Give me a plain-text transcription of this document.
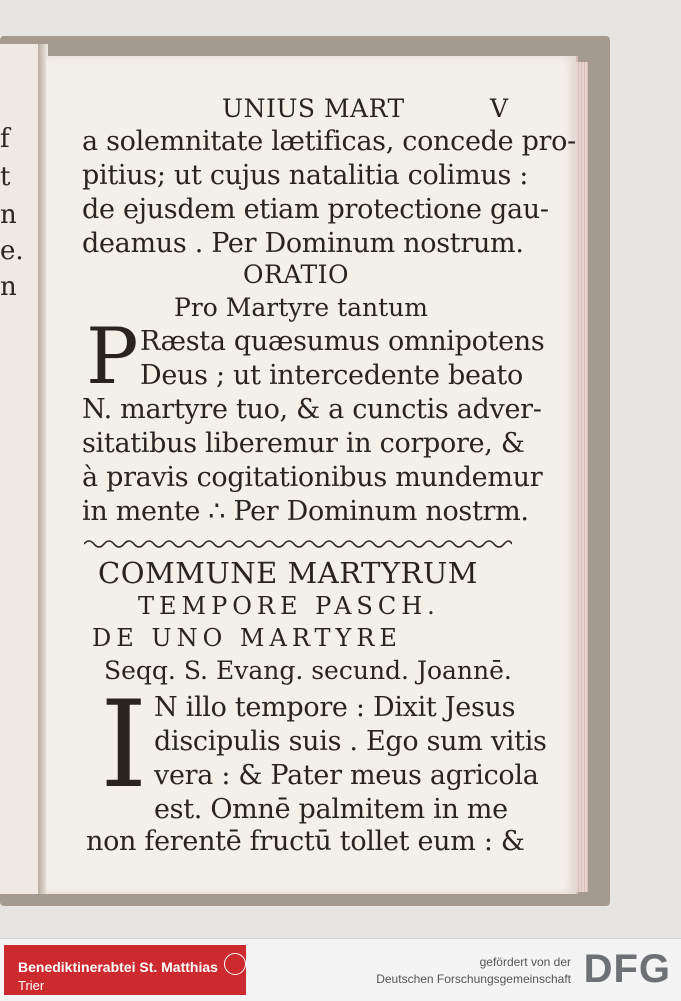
f
t
n
e.
n
UNIUS MART	V
a solemnitate lætificas, concede pro-
pitius; ut cujus natalitia colimus :
de ejusdem etiam protectione gau-
deamus . Per Dominum nostrum.
ORATIO
Pro Martyre tantum
P Ræsta quæsumus omnipotens
Deus ; ut intercedente beato
N. martyre tuo, & a cunctis adver-
sitatibus liberemur in corpore, &
à pravis cogitationibus mundemur
in mente ∴ Per Dominum nostrm.
COMMUNE MARTYRUM
TEMPORE PASCH.
DE UNO MARTYRE
Seqq. S. Evang. secund. Joannē.
I N illo tempore : Dixit Jesus
discipulis suis . Ego sum vitis
vera : & Pater meus agricola
est. Omnē palmitem in me
non ferentē fructū tollet eum : &
Benediktinerabtei St. Matthias
Trier
gefördert von der
Deutschen Forschungsgemeinschaft DFG
